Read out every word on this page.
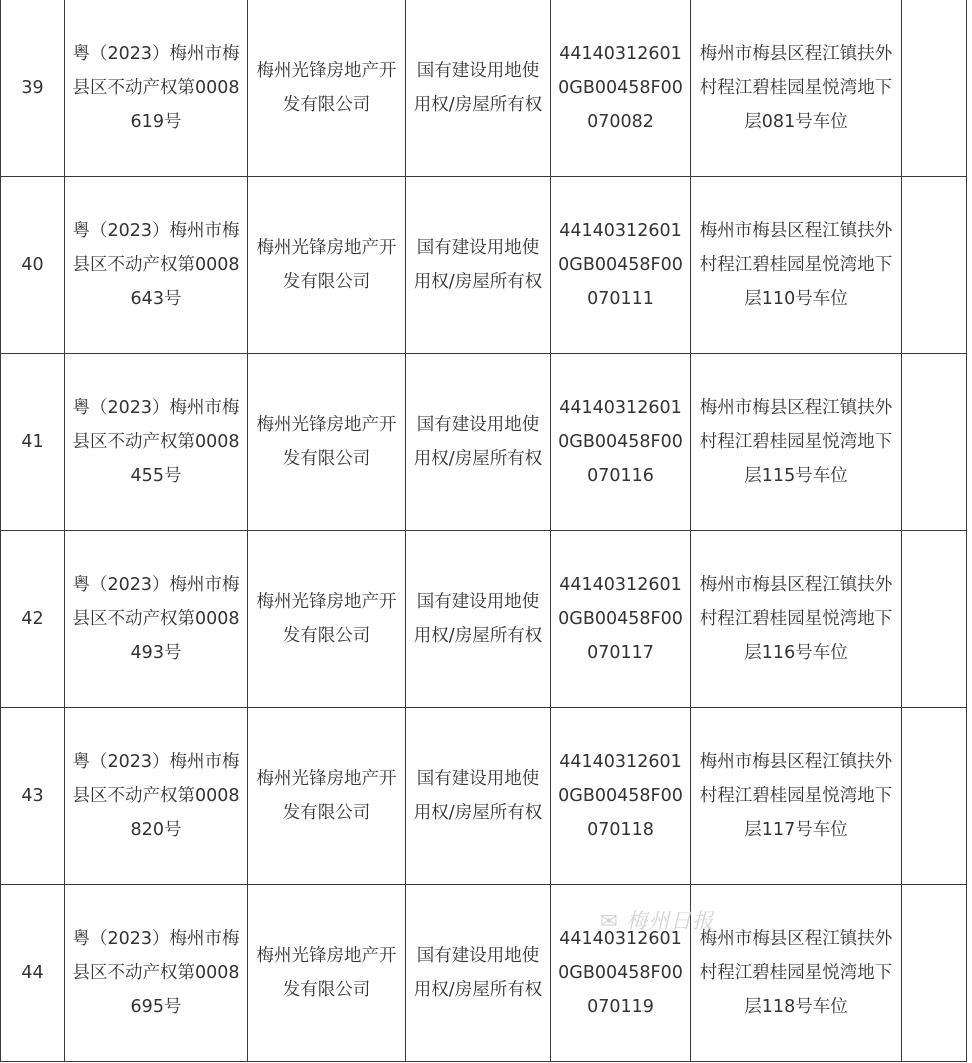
39	粤（2023）梅州市梅县区不动产权第0008619号	梅州光锋房地产开发有限公司	国有建设用地使用权/房屋所有权	441403126010GB00458F00070082	梅州市梅县区程江镇扶外村程江碧桂园星悦湾地下层081号车位	
40	粤（2023）梅州市梅县区不动产权第0008643号	梅州光锋房地产开发有限公司	国有建设用地使用权/房屋所有权	441403126010GB00458F00070111	梅州市梅县区程江镇扶外村程江碧桂园星悦湾地下层110号车位	
41	粤（2023）梅州市梅县区不动产权第0008455号	梅州光锋房地产开发有限公司	国有建设用地使用权/房屋所有权	441403126010GB00458F00070116	梅州市梅县区程江镇扶外村程江碧桂园星悦湾地下层115号车位	
42	粤（2023）梅州市梅县区不动产权第0008493号	梅州光锋房地产开发有限公司	国有建设用地使用权/房屋所有权	441403126010GB00458F00070117	梅州市梅县区程江镇扶外村程江碧桂园星悦湾地下层116号车位	
43	粤（2023）梅州市梅县区不动产权第0008820号	梅州光锋房地产开发有限公司	国有建设用地使用权/房屋所有权	441403126010GB00458F00070118	梅州市梅县区程江镇扶外村程江碧桂园星悦湾地下层117号车位	
44	粤（2023）梅州市梅县区不动产权第0008695号	梅州光锋房地产开发有限公司	国有建设用地使用权/房屋所有权	441403126010GB00458F00070119	梅州市梅县区程江镇扶外村程江碧桂园星悦湾地下层118号车位	
✉ 梅州日报
